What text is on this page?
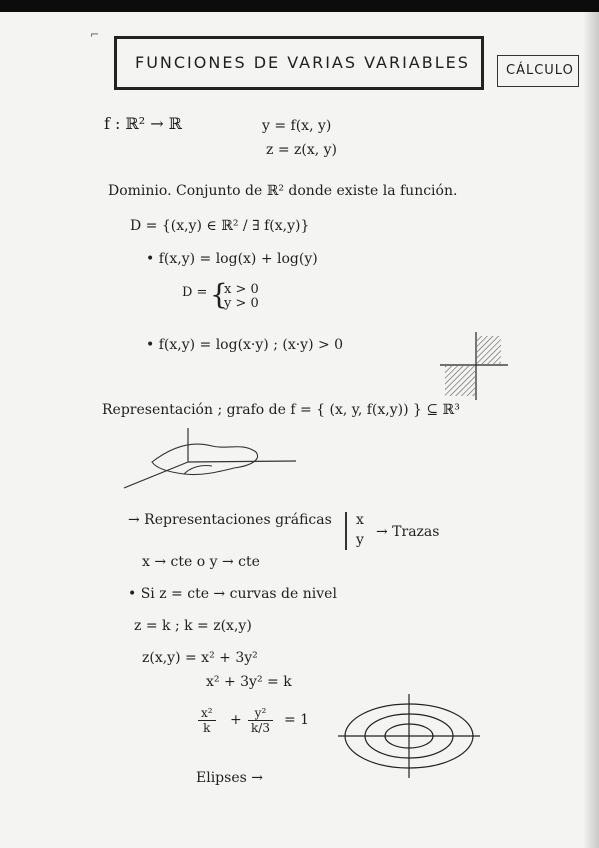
⌐
FUNCIONES DE VARIAS VARIABLES	CÁLCULO
f : ℝ² → ℝ	y = f(x, y)
z = z(x, y)
Dominio. Conjunto de ℝ² donde existe la función.
D = {(x,y) ∈ ℝ² / ∃ f(x,y)}
• f(x,y) = log(x) + log(y)
D = {
x > 0
y > 0
• f(x,y) = log(x·y) ; (x·y) > 0
Representación ; grafo de f = { (x, y, f(x,y)) } ⊆ ℝ³
→ Representaciones gráficas x
y → Trazas
x → cte o y → cte
• Si z = cte → curvas de nivel
z = k ; k = z(x,y)
z(x,y) = x² + 3y²
x² + 3y² = k
$\frac{\text{x²}}{k} + \frac{\text{y²}}{k/3} = 1$
Elipses →
